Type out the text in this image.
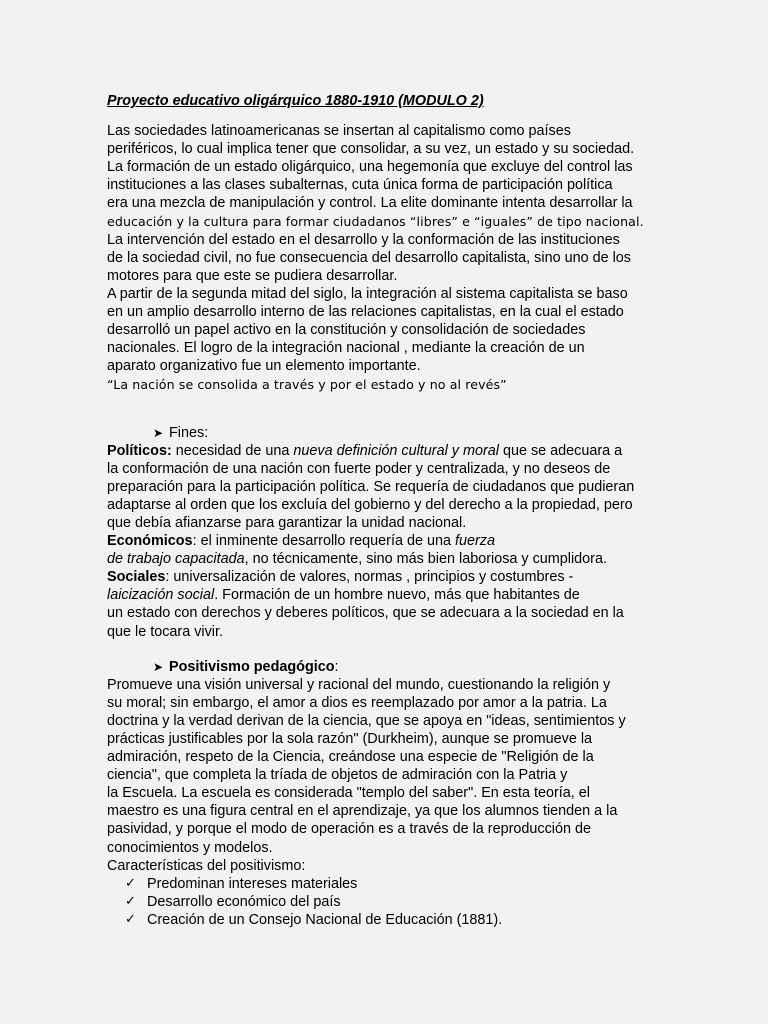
Proyecto educativo oligárquico 1880-1910 (MODULO 2)
Las sociedades latinoamericanas se insertan al capitalismo como países
periféricos, lo cual implica tener que consolidar, a su vez, un estado y su sociedad.
La formación de un estado oligárquico, una hegemonía que excluye del control las
instituciones a las clases subalternas, cuta única forma de participación política
era una mezcla de manipulación y control. La elite dominante intenta desarrollar la
educación y la cultura para formar ciudadanos “libres” e “iguales” de tipo nacional.
La intervención del estado en el desarrollo y la conformación de las instituciones
de la sociedad civil, no fue consecuencia del desarrollo capitalista, sino uno de los
motores para que este se pudiera desarrollar.
A partir de la segunda mitad del siglo, la integración al sistema capitalista se baso
en un amplio desarrollo interno de las relaciones capitalistas, en la cual el estado
desarrolló un papel activo en la constitución y consolidación de sociedades
nacionales. El logro de la integración nacional , mediante la creación de un
aparato organizativo fue un elemento importante.
“La nación se consolida a través y por el estado y no al revés”
➤ Fines:
Políticos: necesidad de una nueva definición cultural y moral que se adecuara a
la conformación de una nación con fuerte poder y centralizada, y no deseos de
preparación para la participación política. Se requería de ciudadanos que pudieran
adaptarse al orden que los excluía del gobierno y del derecho a la propiedad, pero
que debía afianzarse para garantizar la unidad nacional.
Económicos: el inminente desarrollo requería de una fuerza
de trabajo capacitada, no técnicamente, sino más bien laboriosa y cumplidora.
Sociales: universalización de valores, normas , principios y costumbres -
laicización social. Formación de un hombre nuevo, más que habitantes de
un estado con derechos y deberes políticos, que se adecuara a la sociedad en la
que le tocara vivir.
➤ Positivismo pedagógico:
Promueve una visión universal y racional del mundo, cuestionando la religión y
su moral; sin embargo, el amor a dios es reemplazado por amor a la patria. La
doctrina y la verdad derivan de la ciencia, que se apoya en "ideas, sentimientos y
prácticas justificables por la sola razón" (Durkheim), aunque se promueve la
admiración, respeto de la Ciencia, creándose una especie de "Religión de la
ciencia", que completa la tríada de objetos de admiración con la Patria y
la Escuela. La escuela es considerada "templo del saber". En esta teoría, el
maestro es una figura central en el aprendizaje, ya que los alumnos tienden a la
pasividad, y porque el modo de operación es a través de la reproducción de
conocimientos y modelos.
Características del positivismo:
✓ Predominan intereses materiales
✓ Desarrollo económico del país
✓ Creación de un Consejo Nacional de Educación (1881).
